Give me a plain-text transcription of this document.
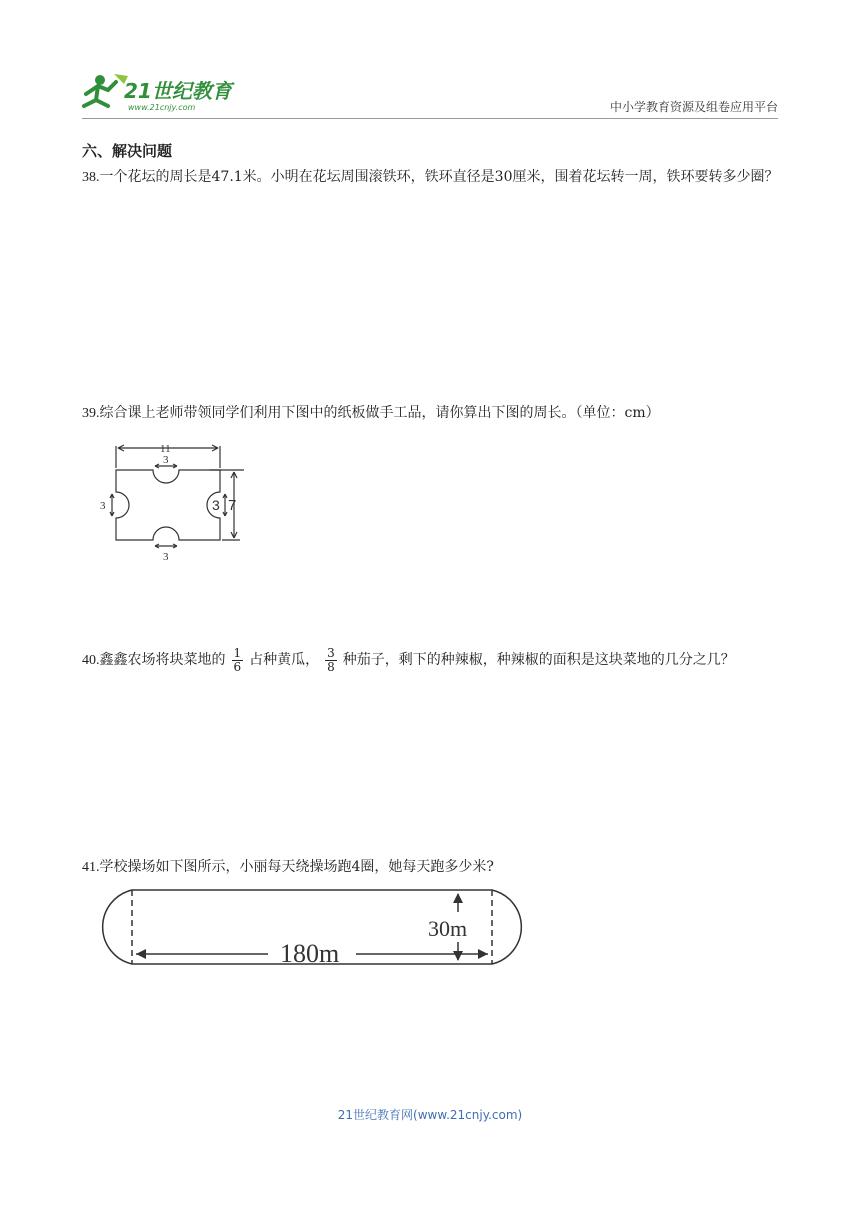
21世纪教育
www.21cnjy.com	中小学教育资源及组卷应用平台
六、解决问题
38.一个花坛的周长是47.1米。小明在花坛周围滚铁环，铁环直径是30厘米，围着花坛转一周，铁环要转多少圈？
39.综合课上老师带领同学们利用下图中的纸板做手工品，请你算出下图的周长。（单位：cm）
11
3
3	3 7
3
40.鑫鑫农场将块菜地的 $\frac{1}{6}$ 占种黄瓜， $\frac{3}{8}$ 种茄子，剩下的种辣椒，种辣椒的面积是这块菜地的几分之几？
41.学校操场如下图所示，小丽每天绕操场跑4圈，她每天跑多少米?
30m
180m
21世纪教育网(www.21cnjy.com)
